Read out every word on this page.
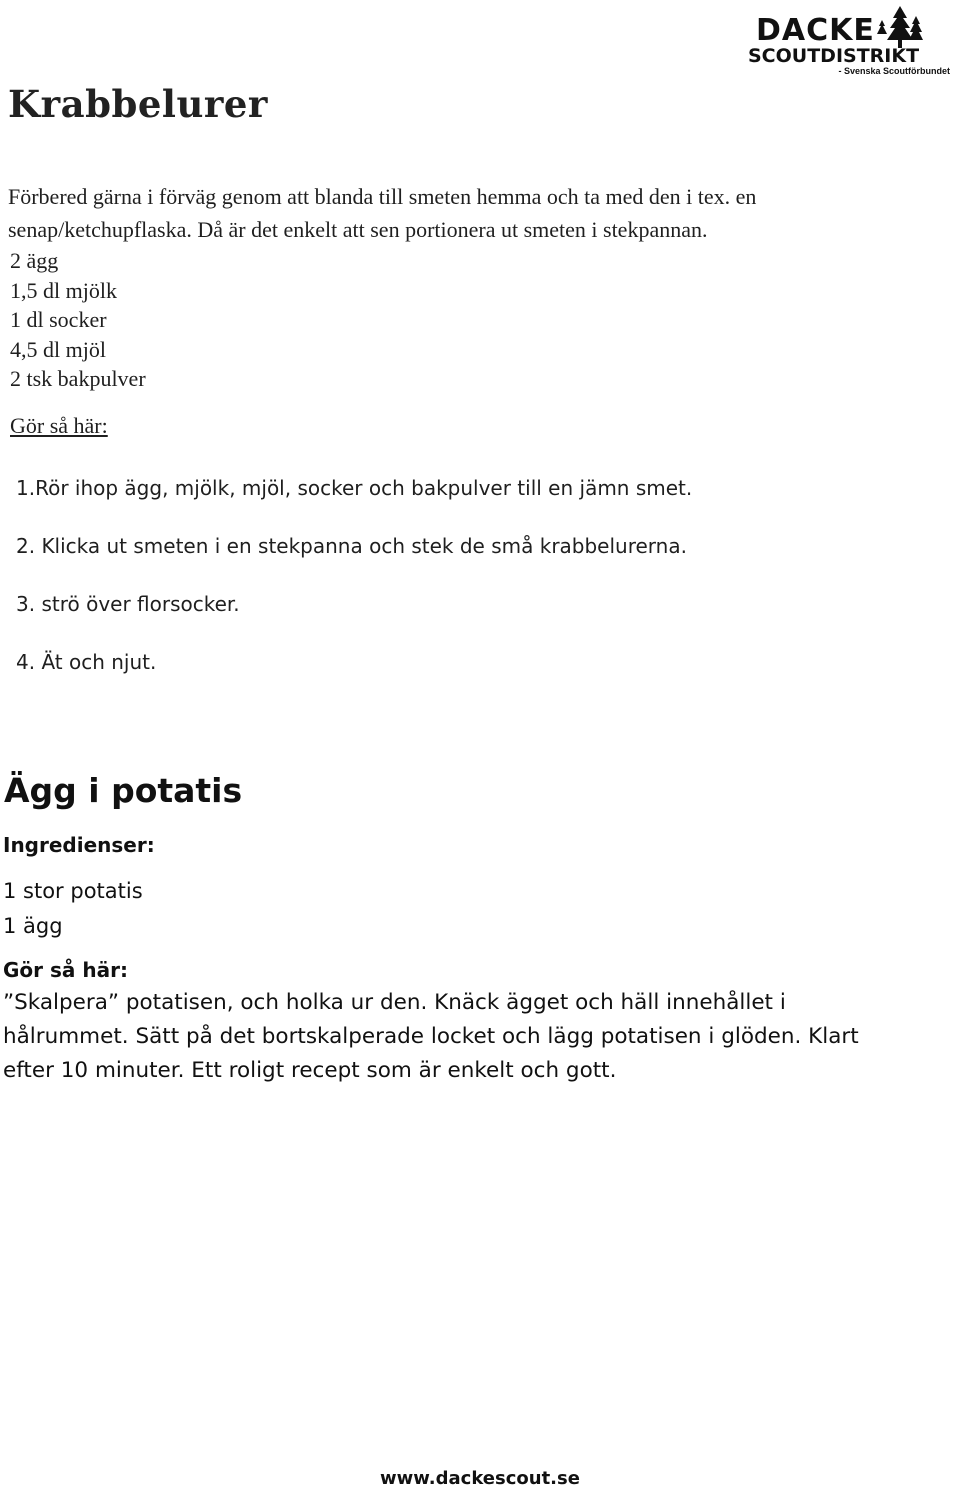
DACKE
SCOUTDISTRIKT
- Svenska Scoutförbundet
Krabbelurer
Förbered gärna i förväg genom att blanda till smeten hemma och ta med den i tex. en senap/ketchupflaska. Då är det enkelt att sen portionera ut smeten i stekpannan.
2 ägg
1,5 dl mjölk
1 dl socker
4,5 dl mjöl
2 tsk bakpulver
Gör så här:
1.Rör ihop ägg, mjölk, mjöl, socker och bakpulver till en jämn smet.
2. Klicka ut smeten i en stekpanna och stek de små krabbelurerna.
3. strö över florsocker.
4. Ät och njut.
Ägg i potatis
Ingredienser:
1 stor potatis
1 ägg
Gör så här:
”Skalpera” potatisen, och holka ur den. Knäck ägget och häll innehållet i hålrummet. Sätt på det bortskalperade locket och lägg potatisen i glöden. Klart efter 10 minuter. Ett roligt recept som är enkelt och gott.
www.dackescout.se
